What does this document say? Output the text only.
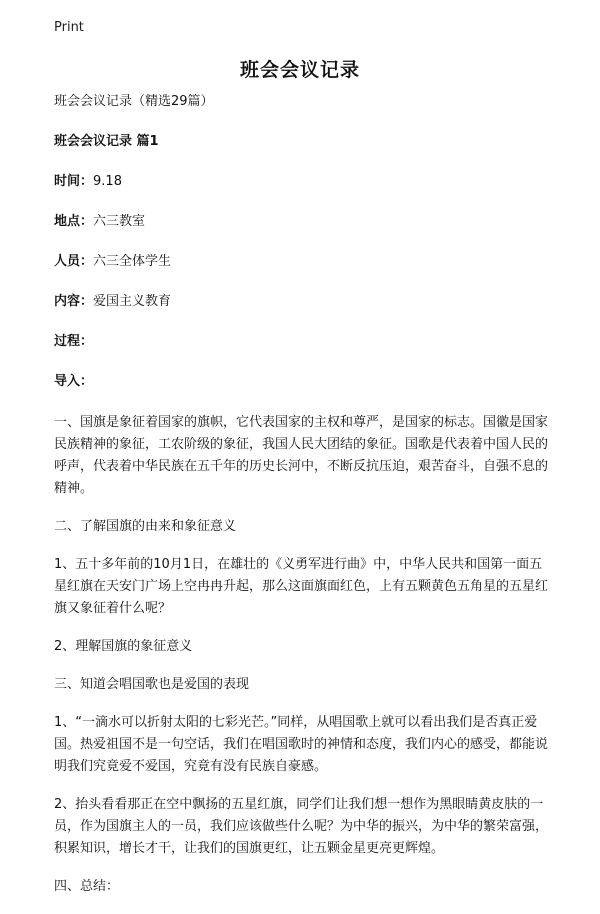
Print
班会会议记录
班会会议记录（精选29篇）
班会会议记录 篇1
时间：9.18
地点：六三教室
人员：六三全体学生
内容：爱国主义教育
过程：
导入：
一、国旗是象征着国家的旗帜，它代表国家的主权和尊严，是国家的标志。国徽是国家民族精神的象征，工农阶级的象征，我国人民大团结的象征。国歌是代表着中国人民的呼声，代表着中华民族在五千年的历史长河中，不断反抗压迫，艰苦奋斗，自强不息的精神。
二、了解国旗的由来和象征意义
1、五十多年前的10月1日，在雄壮的《义勇军进行曲》中，中华人民共和国第一面五星红旗在天安门广场上空冉冉升起，那么这面旗面红色，上有五颗黄色五角星的五星红旗又象征着什么呢？
2、理解国旗的象征意义
三、知道会唱国歌也是爱国的表现
1、“一滴水可以折射太阳的七彩光芒。”同样，从唱国歌上就可以看出我们是否真正爱国。热爱祖国不是一句空话，我们在唱国歌时的神情和态度，我们内心的感受，都能说明我们究竟爱不爱国，究竟有没有民族自豪感。
2、抬头看看那正在空中飘扬的五星红旗，同学们让我们想一想作为黑眼睛黄皮肤的一员，作为国旗主人的一员，我们应该做些什么呢？为中华的振兴，为中华的繁荣富强，积累知识，增长才干，让我们的国旗更红，让五颗金星更亮更辉煌。
四、总结：
